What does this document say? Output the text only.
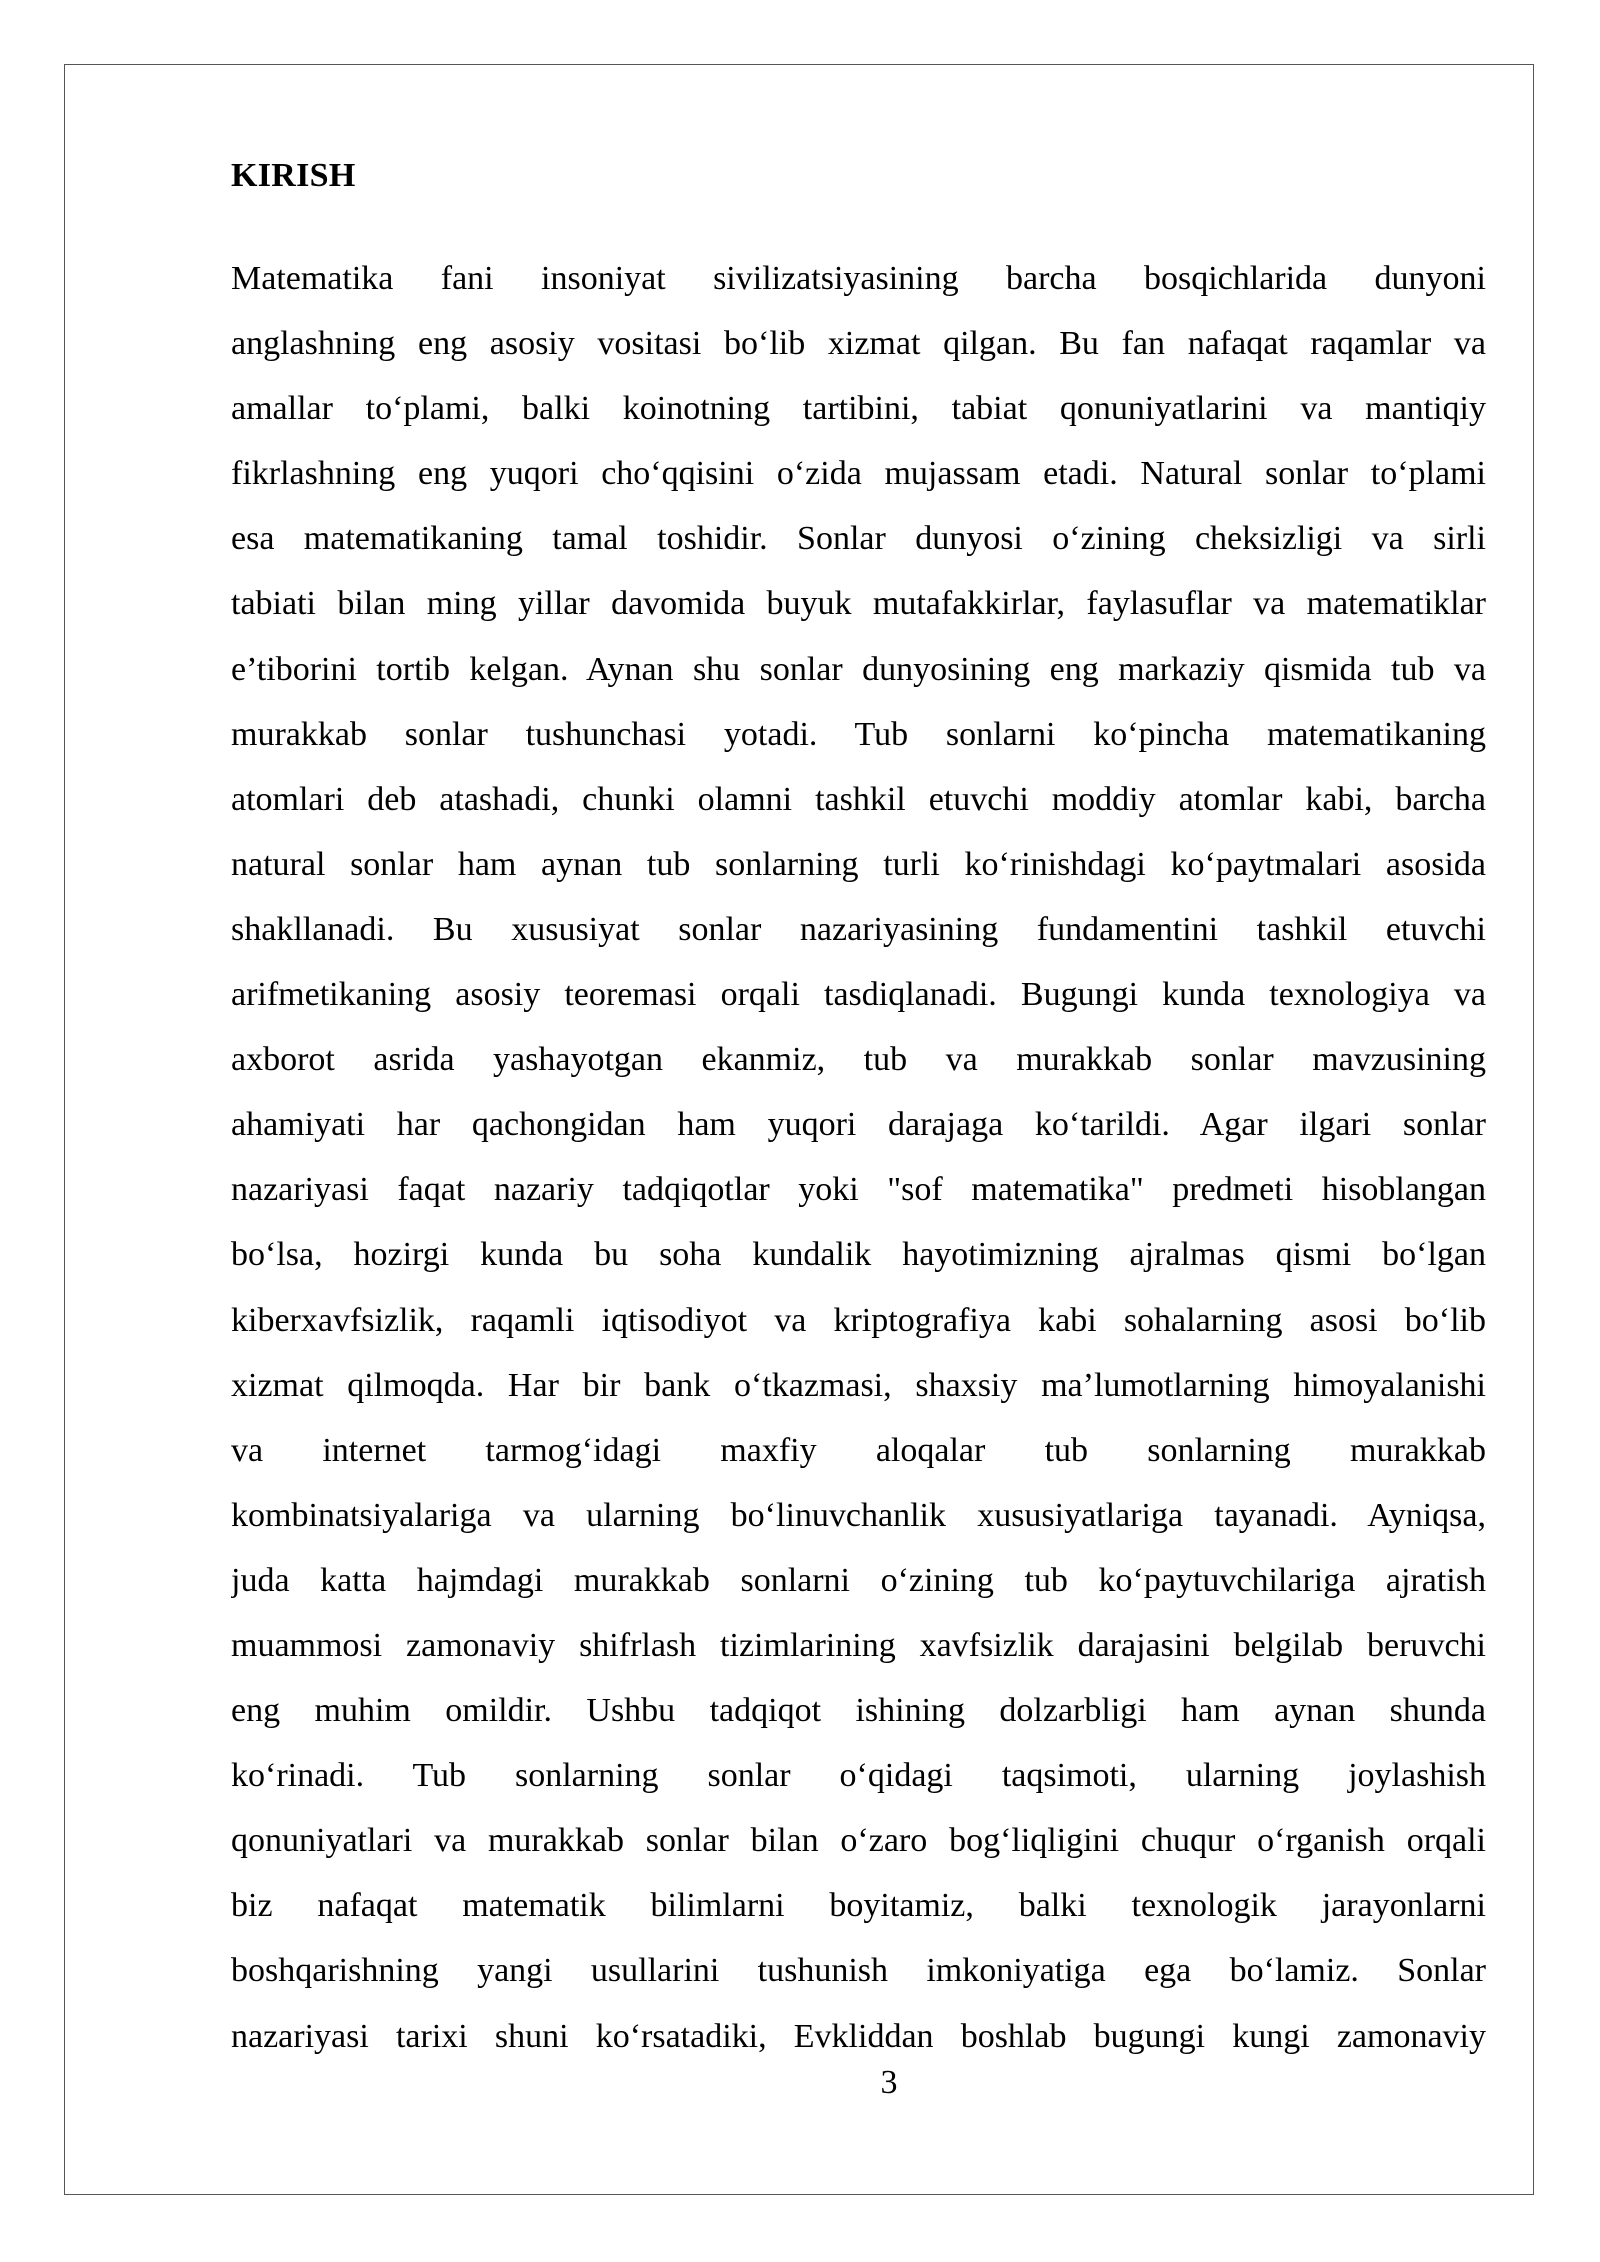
KIRISH
Matematika fani insoniyat sivilizatsiyasining barcha bosqichlarida dunyoni
anglashning eng asosiy vositasi bo‘lib xizmat qilgan. Bu fan nafaqat raqamlar va
amallar to‘plami, balki koinotning tartibini, tabiat qonuniyatlarini va mantiqiy
fikrlashning eng yuqori cho‘qqisini o‘zida mujassam etadi. Natural sonlar to‘plami
esa matematikaning tamal toshidir. Sonlar dunyosi o‘zining cheksizligi va sirli
tabiati bilan ming yillar davomida buyuk mutafakkirlar, faylasuflar va matematiklar
e’tiborini tortib kelgan. Aynan shu sonlar dunyosining eng markaziy qismida tub va
murakkab sonlar tushunchasi yotadi. Tub sonlarni ko‘pincha matematikaning
atomlari deb atashadi, chunki olamni tashkil etuvchi moddiy atomlar kabi, barcha
natural sonlar ham aynan tub sonlarning turli ko‘rinishdagi ko‘paytmalari asosida
shakllanadi. Bu xususiyat sonlar nazariyasining fundamentini tashkil etuvchi
arifmetikaning asosiy teoremasi orqali tasdiqlanadi. Bugungi kunda texnologiya va
axborot asrida yashayotgan ekanmiz, tub va murakkab sonlar mavzusining
ahamiyati har qachongidan ham yuqori darajaga ko‘tarildi. Agar ilgari sonlar
nazariyasi faqat nazariy tadqiqotlar yoki "sof matematika" predmeti hisoblangan
bo‘lsa, hozirgi kunda bu soha kundalik hayotimizning ajralmas qismi bo‘lgan
kiberxavfsizlik, raqamli iqtisodiyot va kriptografiya kabi sohalarning asosi bo‘lib
xizmat qilmoqda. Har bir bank o‘tkazmasi, shaxsiy ma’lumotlarning himoyalanishi
va internet tarmog‘idagi maxfiy aloqalar tub sonlarning murakkab
kombinatsiyalariga va ularning bo‘linuvchanlik xususiyatlariga tayanadi. Ayniqsa,
juda katta hajmdagi murakkab sonlarni o‘zining tub ko‘paytuvchilariga ajratish
muammosi zamonaviy shifrlash tizimlarining xavfsizlik darajasini belgilab beruvchi
eng muhim omildir. Ushbu tadqiqot ishining dolzarbligi ham aynan shunda
ko‘rinadi. Tub sonlarning sonlar o‘qidagi taqsimoti, ularning joylashish
qonuniyatlari va murakkab sonlar bilan o‘zaro bog‘liqligini chuqur o‘rganish orqali
biz nafaqat matematik bilimlarni boyitamiz, balki texnologik jarayonlarni
boshqarishning yangi usullarini tushunish imkoniyatiga ega bo‘lamiz. Sonlar
nazariyasi tarixi shuni ko‘rsatadiki, Evkliddan boshlab bugungi kungi zamonaviy
3
